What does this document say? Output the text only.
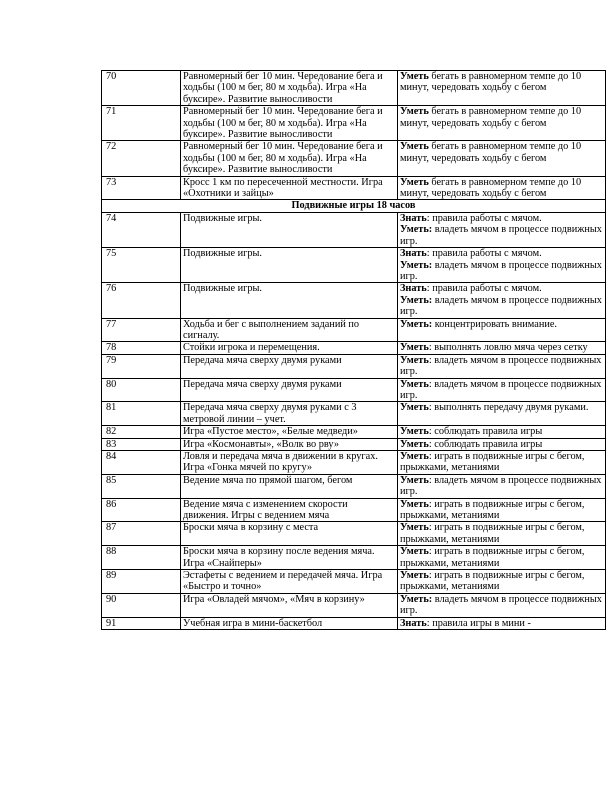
70	Равномерный бег 10 мин. Чередование бега и ходьбы (100 м бег, 80 м ходьба). Игра «На буксире». Развитие выносливости	Уметь бегать в равномерном темпе до 10 минут, чередовать ходьбу с бегом

71	Равномерный бег 10 мин. Чередование бега и ходьбы (100 м бег, 80 м ходьба). Игра «На буксире». Развитие выносливости	Уметь бегать в равномерном темпе до 10 минут, чередовать ходьбу с бегом

72	Равномерный бег 10 мин. Чередование бега и ходьбы (100 м бег, 80 м ходьба). Игра «На буксире». Развитие выносливости	Уметь бегать в равномерном темпе до 10 минут, чередовать ходьбу с бегом

73	Кросс 1 км по пересеченной местности. Игра «Охотники и зайцы»	Уметь бегать в равномерном темпе до 10 минут, чередовать ходьбу с бегом

Подвижные игры 18 часов		
74	Подвижные игры.	Знать: правила работы с мячом.
Уметь: владеть мячом в процессе подвижных игр.

75	Подвижные игры.	Знать: правила работы с мячом.
Уметь: владеть мячом в процессе подвижных игр.

76	Подвижные игры.	Знать: правила работы с мячом.
Уметь: владеть мячом в процессе подвижных игр.

77	Ходьба и бег с выполнением заданий по сигналу.	Уметь: концентрировать внимание.

78	Стойки игрока и перемещения.	Уметь: выполнять ловлю мяча через сетку

79	Передача мяча сверху двумя руками	Уметь: владеть мячом в процессе подвижных игр.

80	Передача мяча сверху двумя руками	Уметь: владеть мячом в процессе подвижных игр.

81	Передача мяча сверху двумя руками с 3 метровой линии – учет.	Уметь: выполнять передачу двумя руками.

82	Игра «Пустое место», «Белые медведи»	Уметь: соблюдать правила игры

83	Игра «Космонавты», «Волк во рву»	Уметь: соблюдать правила игры

84	Ловля и передача мяча в движении в кругах. Игра «Гонка мячей по кругу»	Уметь: играть в подвижные игры с бегом, прыжками, метаниями

85	Ведение мяча по прямой шагом, бегом	Уметь: владеть мячом в процессе подвижных игр.

86	Ведение мяча с изменением скорости движения. Игры с ведением мяча	Уметь: играть в подвижные игры с бегом, прыжками, метаниями

87	Броски мяча в корзину с места	Уметь: играть в подвижные игры с бегом, прыжками, метаниями

88	Броски мяча в корзину после ведения мяча. Игра «Снайперы»	Уметь: играть в подвижные игры с бегом, прыжками, метаниями

89	Эстафеты с ведением и передачей мяча. Игра «Быстро и точно»	Уметь: играть в подвижные игры с бегом, прыжками, метаниями

90	Игра «Овладей мячом», «Мяч в корзину»	Уметь: владеть мячом в процессе подвижных игр.

91	Учебная игра в мини-баскетбол	Знать: правила игры в мини -
